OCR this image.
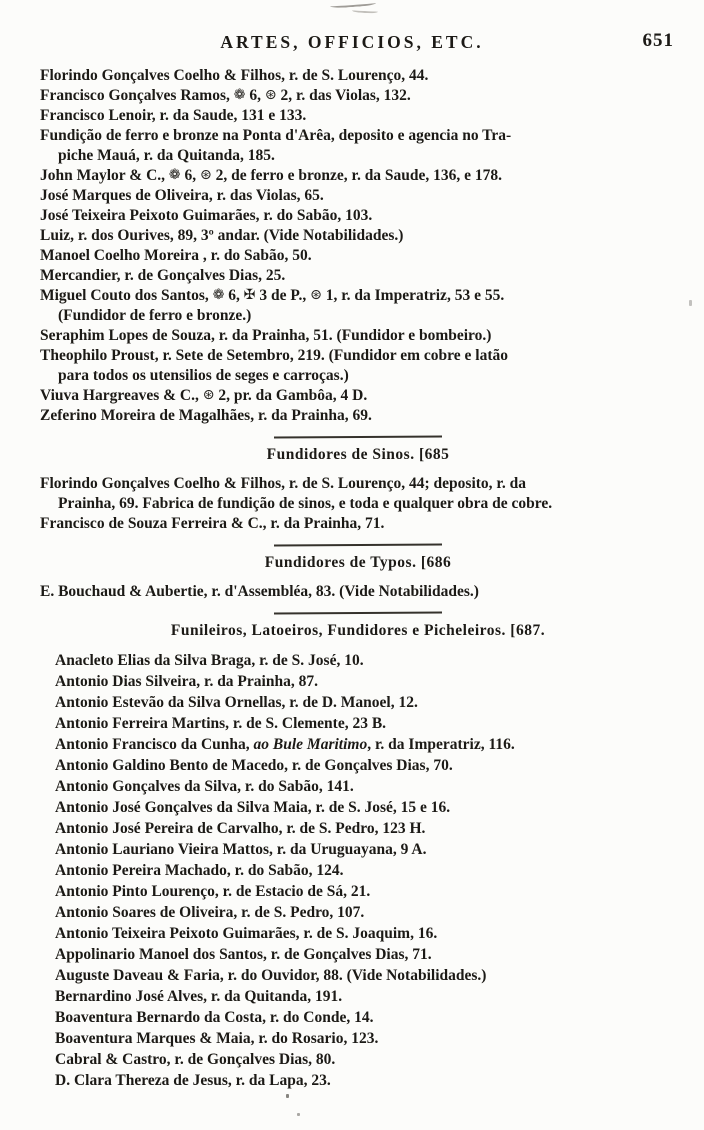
ARTES, OFFICIOS, ETC.	651
Florindo Gonçalves Coelho & Filhos, r. de S. Lourenço, 44.
Francisco Gonçalves Ramos, ❁ 6, ⊛ 2, r. das Violas, 132.
Francisco Lenoir, r. da Saude, 131 e 133.
Fundição de ferro e bronze na Ponta d'Arêa, deposito e agencia no Tra-
piche Mauá, r. da Quitanda, 185.
John Maylor & C., ❁ 6, ⊛ 2, de ferro e bronze, r. da Saude, 136, e 178.
José Marques de Oliveira, r. das Violas, 65.
José Teixeira Peixoto Guimarães, r. do Sabão, 103.
Luiz, r. dos Ourives, 89, 3º andar. (Vide Notabilidades.)
Manoel Coelho Moreira , r. do Sabão, 50.
Mercandier, r. de Gonçalves Dias, 25.
Miguel Couto dos Santos, ❁ 6, ✠ 3 de P., ⊛ 1, r. da Imperatriz, 53 e 55.
(Fundidor de ferro e bronze.)
Seraphim Lopes de Souza, r. da Prainha, 51. (Fundidor e bombeiro.)
Theophilo Proust, r. Sete de Setembro, 219. (Fundidor em cobre e latão
para todos os utensilios de seges e carroças.)
Viuva Hargreaves & C., ⊛ 2, pr. da Gambôa, 4 D.
Zeferino Moreira de Magalhães, r. da Prainha, 69.
Fundidores de Sinos. [685
Florindo Gonçalves Coelho & Filhos, r. de S. Lourenço, 44; deposito, r. da
Prainha, 69. Fabrica de fundição de sinos, e toda e qualquer obra de cobre.
Francisco de Souza Ferreira & C., r. da Prainha, 71.
Fundidores de Typos. [686
E. Bouchaud & Aubertie, r. d'Assembléa, 83. (Vide Notabilidades.)
Funileiros, Latoeiros, Fundidores e Picheleiros. [687.
Anacleto Elias da Silva Braga, r. de S. José, 10.
Antonio Dias Silveira, r. da Prainha, 87.
Antonio Estevão da Silva Ornellas, r. de D. Manoel, 12.
Antonio Ferreira Martins, r. de S. Clemente, 23 B.
Antonio Francisco da Cunha, ao Bule Maritimo, r. da Imperatriz, 116.
Antonio Galdino Bento de Macedo, r. de Gonçalves Dias, 70.
Antonio Gonçalves da Silva, r. do Sabão, 141.
Antonio José Gonçalves da Silva Maia, r. de S. José, 15 e 16.
Antonio José Pereira de Carvalho, r. de S. Pedro, 123 H.
Antonio Lauriano Vieira Mattos, r. da Uruguayana, 9 A.
Antonio Pereira Machado, r. do Sabão, 124.
Antonio Pinto Lourenço, r. de Estacio de Sá, 21.
Antonio Soares de Oliveira, r. de S. Pedro, 107.
Antonio Teixeira Peixoto Guimarães, r. de S. Joaquim, 16.
Appolinario Manoel dos Santos, r. de Gonçalves Dias, 71.
Auguste Daveau & Faria, r. do Ouvidor, 88. (Vide Notabilidades.)
Bernardino José Alves, r. da Quitanda, 191.
Boaventura Bernardo da Costa, r. do Conde, 14.
Boaventura Marques & Maia, r. do Rosario, 123.
Cabral & Castro, r. de Gonçalves Dias, 80.
D. Clara Thereza de Jesus, r. da Lapa, 23.
